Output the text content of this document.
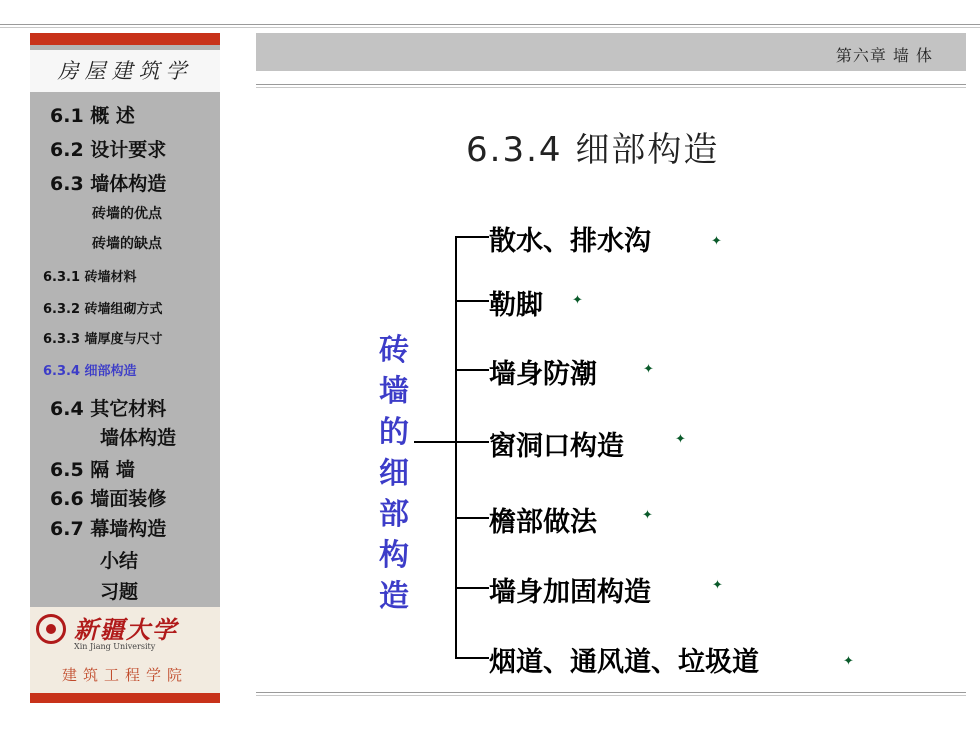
房屋建筑学
6.1 概 述
6.2 设计要求
6.3 墙体构造
砖墙的优点
砖墙的缺点
6.3.1 砖墙材料
6.3.2 砖墙组砌方式
6.3.3 墙厚度与尺寸
6.3.4 细部构造
6.4 其它材料
墙体构造
6.5 隔 墙
6.6 墙面装修
6.7 幕墙构造
小结
习题
新疆大学
Xin Jiang University
建筑工程学院
第六章 墙 体
6.3.4 细部构造
砖
墙
的
细
部
构
造
散水、排水沟	✦
勒脚 ✦
墙身防潮	✦
窗洞口构造	✦
檐部做法	✦
墙身加固构造	✦
烟道、通风道、垃圾道	✦
